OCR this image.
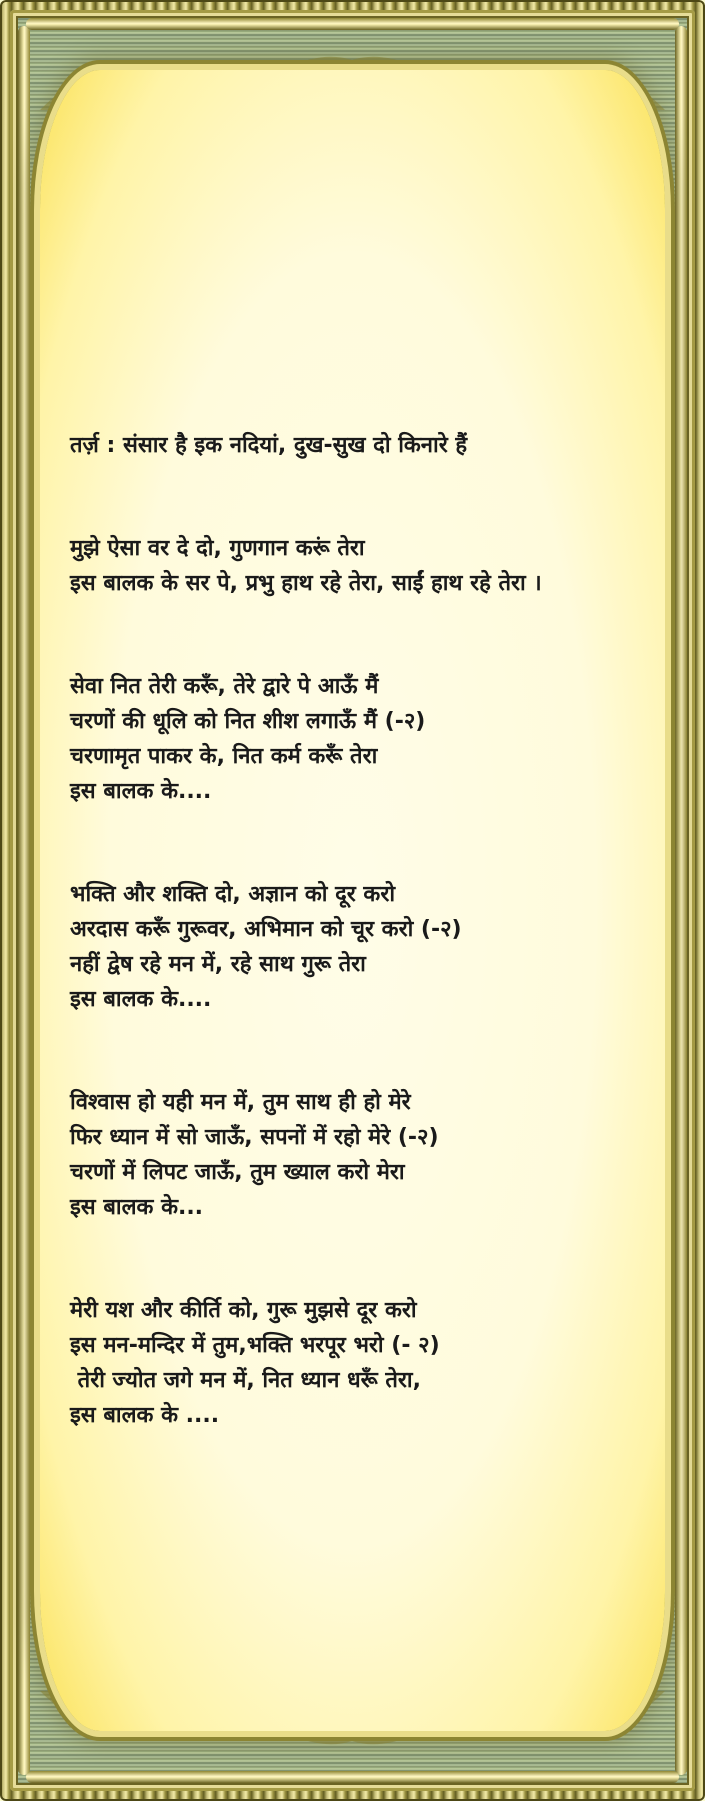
तर्ज़ : संसार है इक नदियां, दुख-सुख दो किनारे हैं
मुझे ऐसा वर दे दो, गुणगान करूं तेरा
इस बालक के सर पे, प्रभु हाथ रहे तेरा, साईं हाथ रहे तेरा ।
सेवा नित तेरी करूँ, तेरे द्वारे पे आऊँ मैं
चरणों की धूलि को नित शीश लगाऊँ मैं (-२)
चरणामृत पाकर के, नित कर्म करूँ तेरा
इस बालक के....
भक्ति और शक्ति दो, अज्ञान को दूर करो
अरदास करूँ गुरूवर, अभिमान को चूर करो (-२)
नहीं द्वेष रहे मन में, रहे साथ गुरू तेरा
इस बालक के....
विश्वास हो यही मन में, तुम साथ ही हो मेरे
फिर ध्यान में सो जाऊँ, सपनों में रहो मेरे (-२)
चरणों में लिपट जाऊँ, तुम ख्याल करो मेरा
इस बालक के...
मेरी यश और कीर्ति को, गुरू मुझसे दूर करो
इस मन-मन्दिर में तुम,भक्ति भरपूर भरो (- २)
तेरी ज्योत जगे मन में, नित ध्यान धरूँ तेरा,
इस बालक के ....
